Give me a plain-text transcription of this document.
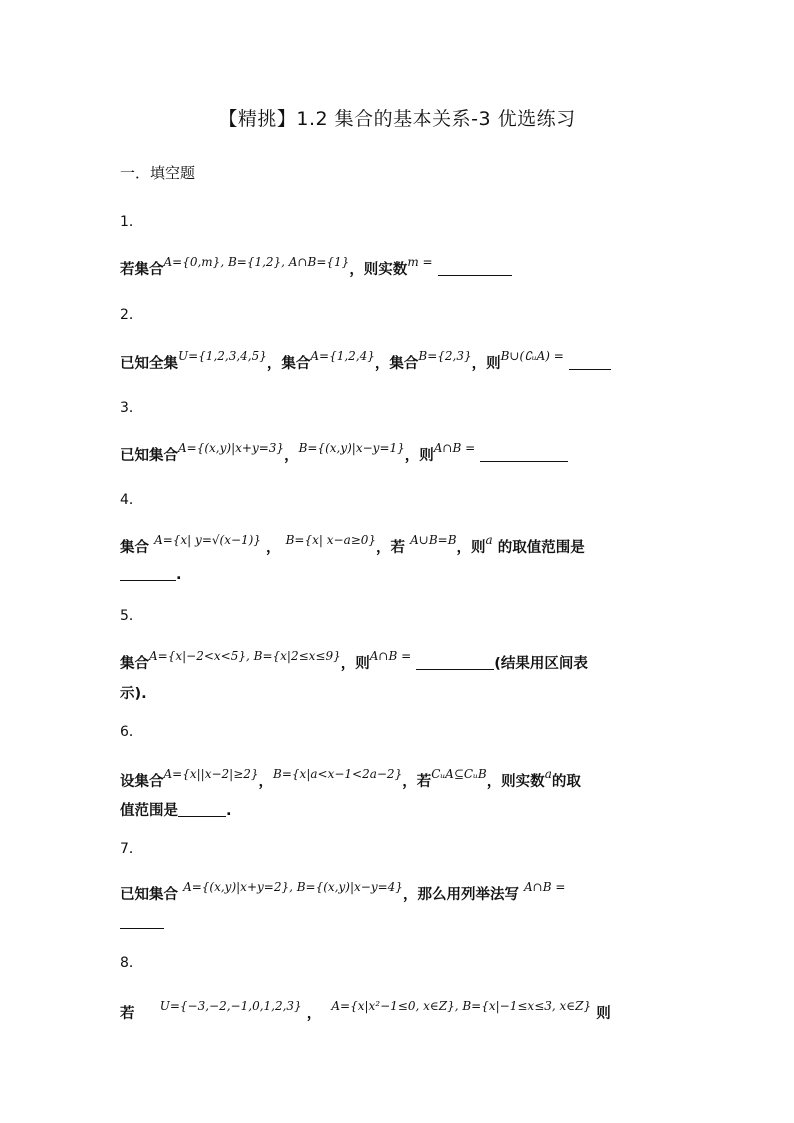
【精挑】1.2 集合的基本关系-3 优选练习
一．填空题
1．
若集合$^{A=\{0,m\}, B=\{1,2\}, A\cap B=\{1\}}$，则实数$^{m =}$
2．
已知全集$^{U=\{1,2,3,4,5\}}$，集合$^{A=\{1,2,4\}}$，集合$^{B=\{2,3\}}$，则$^{B\cup(∁ᵤA) =}$
3．
已知集合$^{A=\{(x,y)|x+y=3\}}$，$^{B=\{(x,y)|x-y=1\}}$，则$^{A\cap B =}$
4．
集合 $^{A=\{x| y=√(x-1)\}}$ ， $^{B=\{x| x-a\ge 0\}}$，若 $^{A\cup B=B}$，则$^a$ 的取值范围是
.
5．
集合$^{A=\{x|-2<x<5\}, B=\{x|2\le x\le 9\}}$，则$^{A\cap B =}$	(结果用区间表
示).
6．
设集合$^{A=\{x||x-2|\ge 2\}}$，$^{B=\{x|a<x-1<2a-2\}}$，若$^{CᵤA⊆CᵤB}$，则实数$^a$的取
值范围是	.
7．
已知集合 $^{A=\{(x,y)|x+y=2\}, B=\{(x,y)|x-y=4\}}$，那么用列举法写 $^{A\cap B =}$
8．
若 $^{U=\{-3,-2,-1,0,1,2,3\}}$ ， $^{A=\{x|x^2-1\le 0, x\in Z\}, B=\{x|-1\le x\le 3, x\in Z\}}$ 则
